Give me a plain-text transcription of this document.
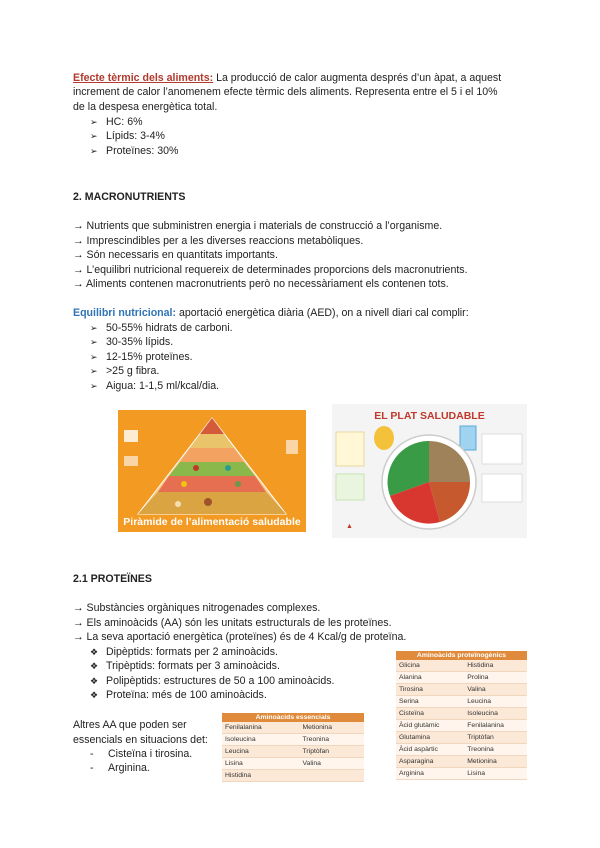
Efecte tèrmic dels aliments: La producció de calor augmenta després d’un àpat, a aquest
increment de calor l’anomenem efecte tèrmic dels aliments. Representa entre el 5 i el 10%
de la despesa energètica total.
➢ HC: 6%
➢ Lípids: 3-4%
➢ Proteïnes: 30%
2. MACRONUTRIENTS
→ Nutrients que subministren energia i materials de construcció a l’organisme.
→ Imprescindibles per a les diverses reaccions metabòliques.
→ Són necessaris en quantitats importants.
→ L’equilibri nutricional requereix de determinades proporcions dels macronutrients.
→ Aliments contenen macronutrients però no necessàriament els contenen tots.
Equilibri nutricional: aportació energètica diària (AED), on a nivell diari cal complir:
➢ 50-55% hidrats de carboni.
➢ 30-35% lípids.
➢ 12-15% proteïnes.
➢ >25 g fibra.
➢ Aigua: 1-1,5 ml/kcal/dia.
Piràmide de l’alimentació saludable
EL PLAT SALUDABLE
▲
2.1 PROTEÏNES
→ Substàncies orgàniques nitrogenades complexes.
→ Els aminoàcids (AA) són les unitats estructurals de les proteïnes.
→ La seva aportació energètica (proteïnes) és de 4 Kcal/g de proteïna.
❖ Dipèptids: formats per 2 aminoàcids.
❖ Tripèptids: formats per 3 aminoàcids.
❖ Polipèptids: estructures de 50 a 100 aminoàcids.
❖ Proteïna: més de 100 aminoàcids.
Altres AA que poden ser
essencials en situacions det:
- Cisteïna i tirosina.
- Arginina.
Aminoàcids essencials	
Fenilalanina	Metionina
Isoleucina	Treonina
Leucina	Triptòfan
Lisina	Valina
Histidina	
Aminoàcids proteïnogènics	
Glicina	Histidina
Alanina	Prolina
Tirosina	Valina
Serina	Leucina
Cisteïna	Isoleucina
Àcid glutàmic	Fenilalanina
Glutamina	Triptòfan
Àcid aspàrtic	Treonina
Asparagina	Metionina
Arginina	Lisina
